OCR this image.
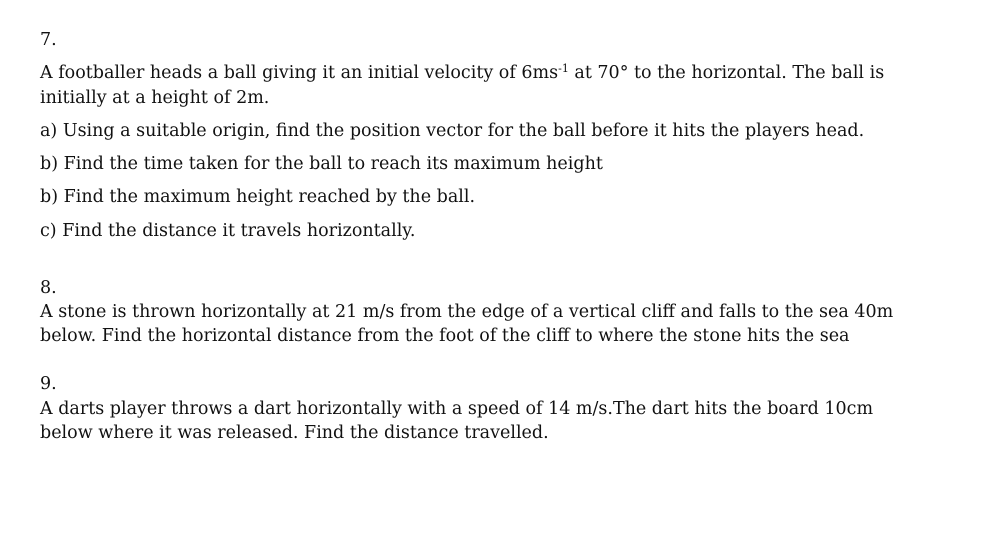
7.
A footballer heads a ball giving it an initial velocity of $6ms^{-1}$ at 70° to the horizontal. The ball is
initially at a height of 2m.
a) Using a suitable origin, find the position vector for the ball before it hits the players head.
b) Find the time taken for the ball to reach its maximum height
b) Find the maximum height reached by the ball.
c) Find the distance it travels horizontally.
8.
A stone is thrown horizontally at 21 m/s from the edge of a vertical cliff and falls to the sea 40m
below. Find the horizontal distance from the foot of the cliff to where the stone hits the sea
9.
A darts player throws a dart horizontally with a speed of 14 m/s.The dart hits the board 10cm
below where it was released. Find the distance travelled.
